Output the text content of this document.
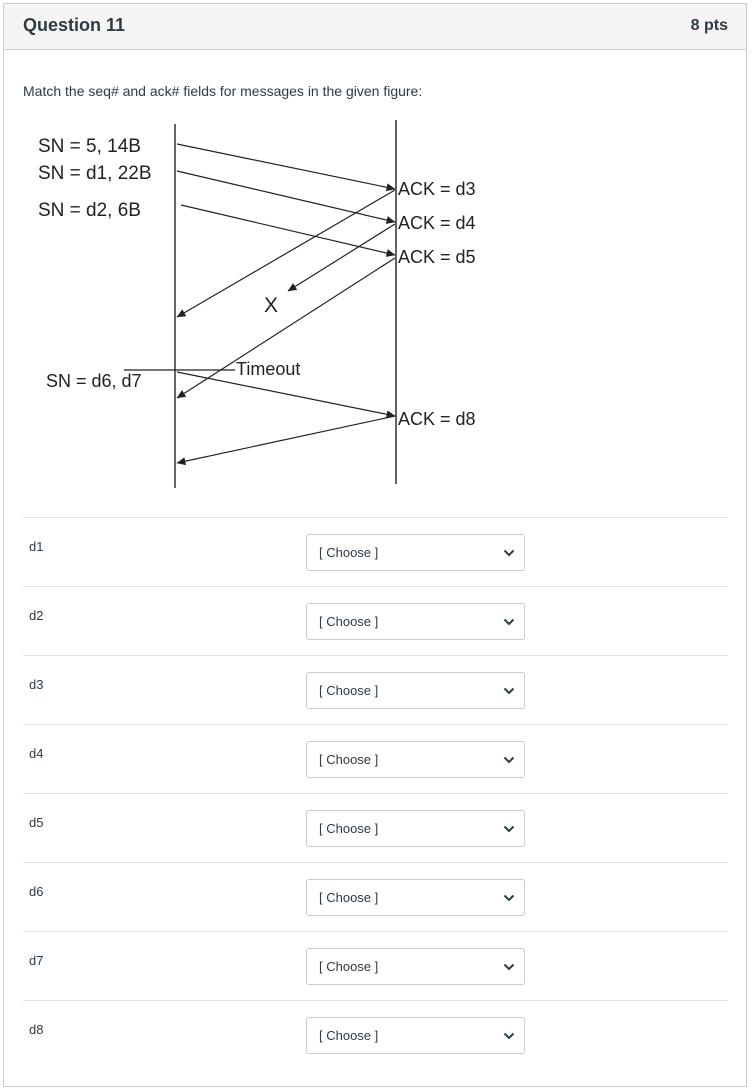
Question 11	8 pts
Match the seq# and ack# fields for messages in the given figure:
SN = 5, 14B
SN = d1, 22B
SN = d2, 6B
SN = d6, d7
X
Timeout
ACK = d3
ACK = d4
ACK = d5
ACK = d8
d1	[ Choose ]
d2	[ Choose ]
d3	[ Choose ]
d4	[ Choose ]
d5	[ Choose ]
d6	[ Choose ]
d7	[ Choose ]
d8	[ Choose ]
